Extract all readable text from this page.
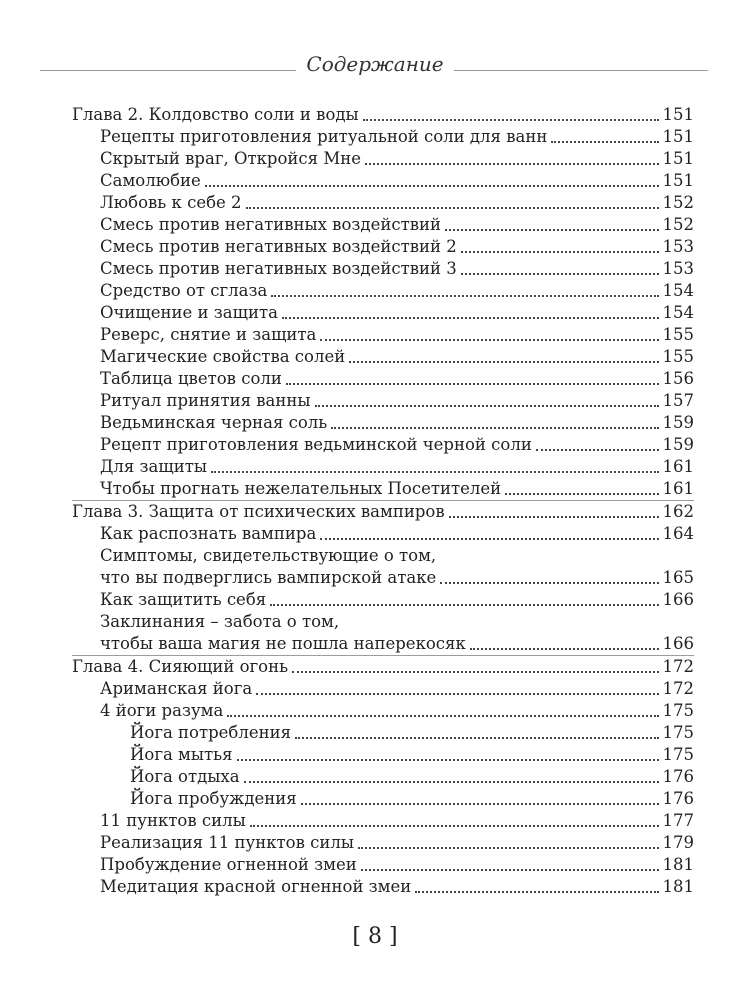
Содержание
Глава 2. Колдовство соли и воды	151
Рецепты приготовления ритуальной соли для ванн	151
Скрытый враг, Откройся Мне	151
Самолюбие	151
Любовь к себе 2	152
Смесь против негативных воздействий	152
Смесь против негативных воздействий 2	153
Смесь против негативных воздействий 3	153
Средство от сглаза	154
Очищение и защита	154
Реверс, снятие и защита	155
Магические свойства солей	155
Таблица цветов соли	156
Ритуал принятия ванны	157
Ведьминская черная соль	159
Рецепт приготовления ведьминской черной соли	159
Для защиты	161
Чтобы прогнать нежелательных Посетителей	161
Глава 3. Защита от психических вампиров	162
Как распознать вампира	164
Симптомы, свидетельствующие о том,
что вы подверглись вампирской атаке	165
Как защитить себя	166
Заклинания – забота о том,
чтобы ваша магия не пошла наперекосяк	166
Глава 4. Сияющий огонь	172
Ариманская йога	172
4 йоги разума	175
Йога потребления	175
Йога мытья	175
Йога отдыха	176
Йога пробуждения	176
11 пунктов силы	177
Реализация 11 пунктов силы	179
Пробуждение огненной змеи	181
Медитация красной огненной змеи	181
[ 8 ]
